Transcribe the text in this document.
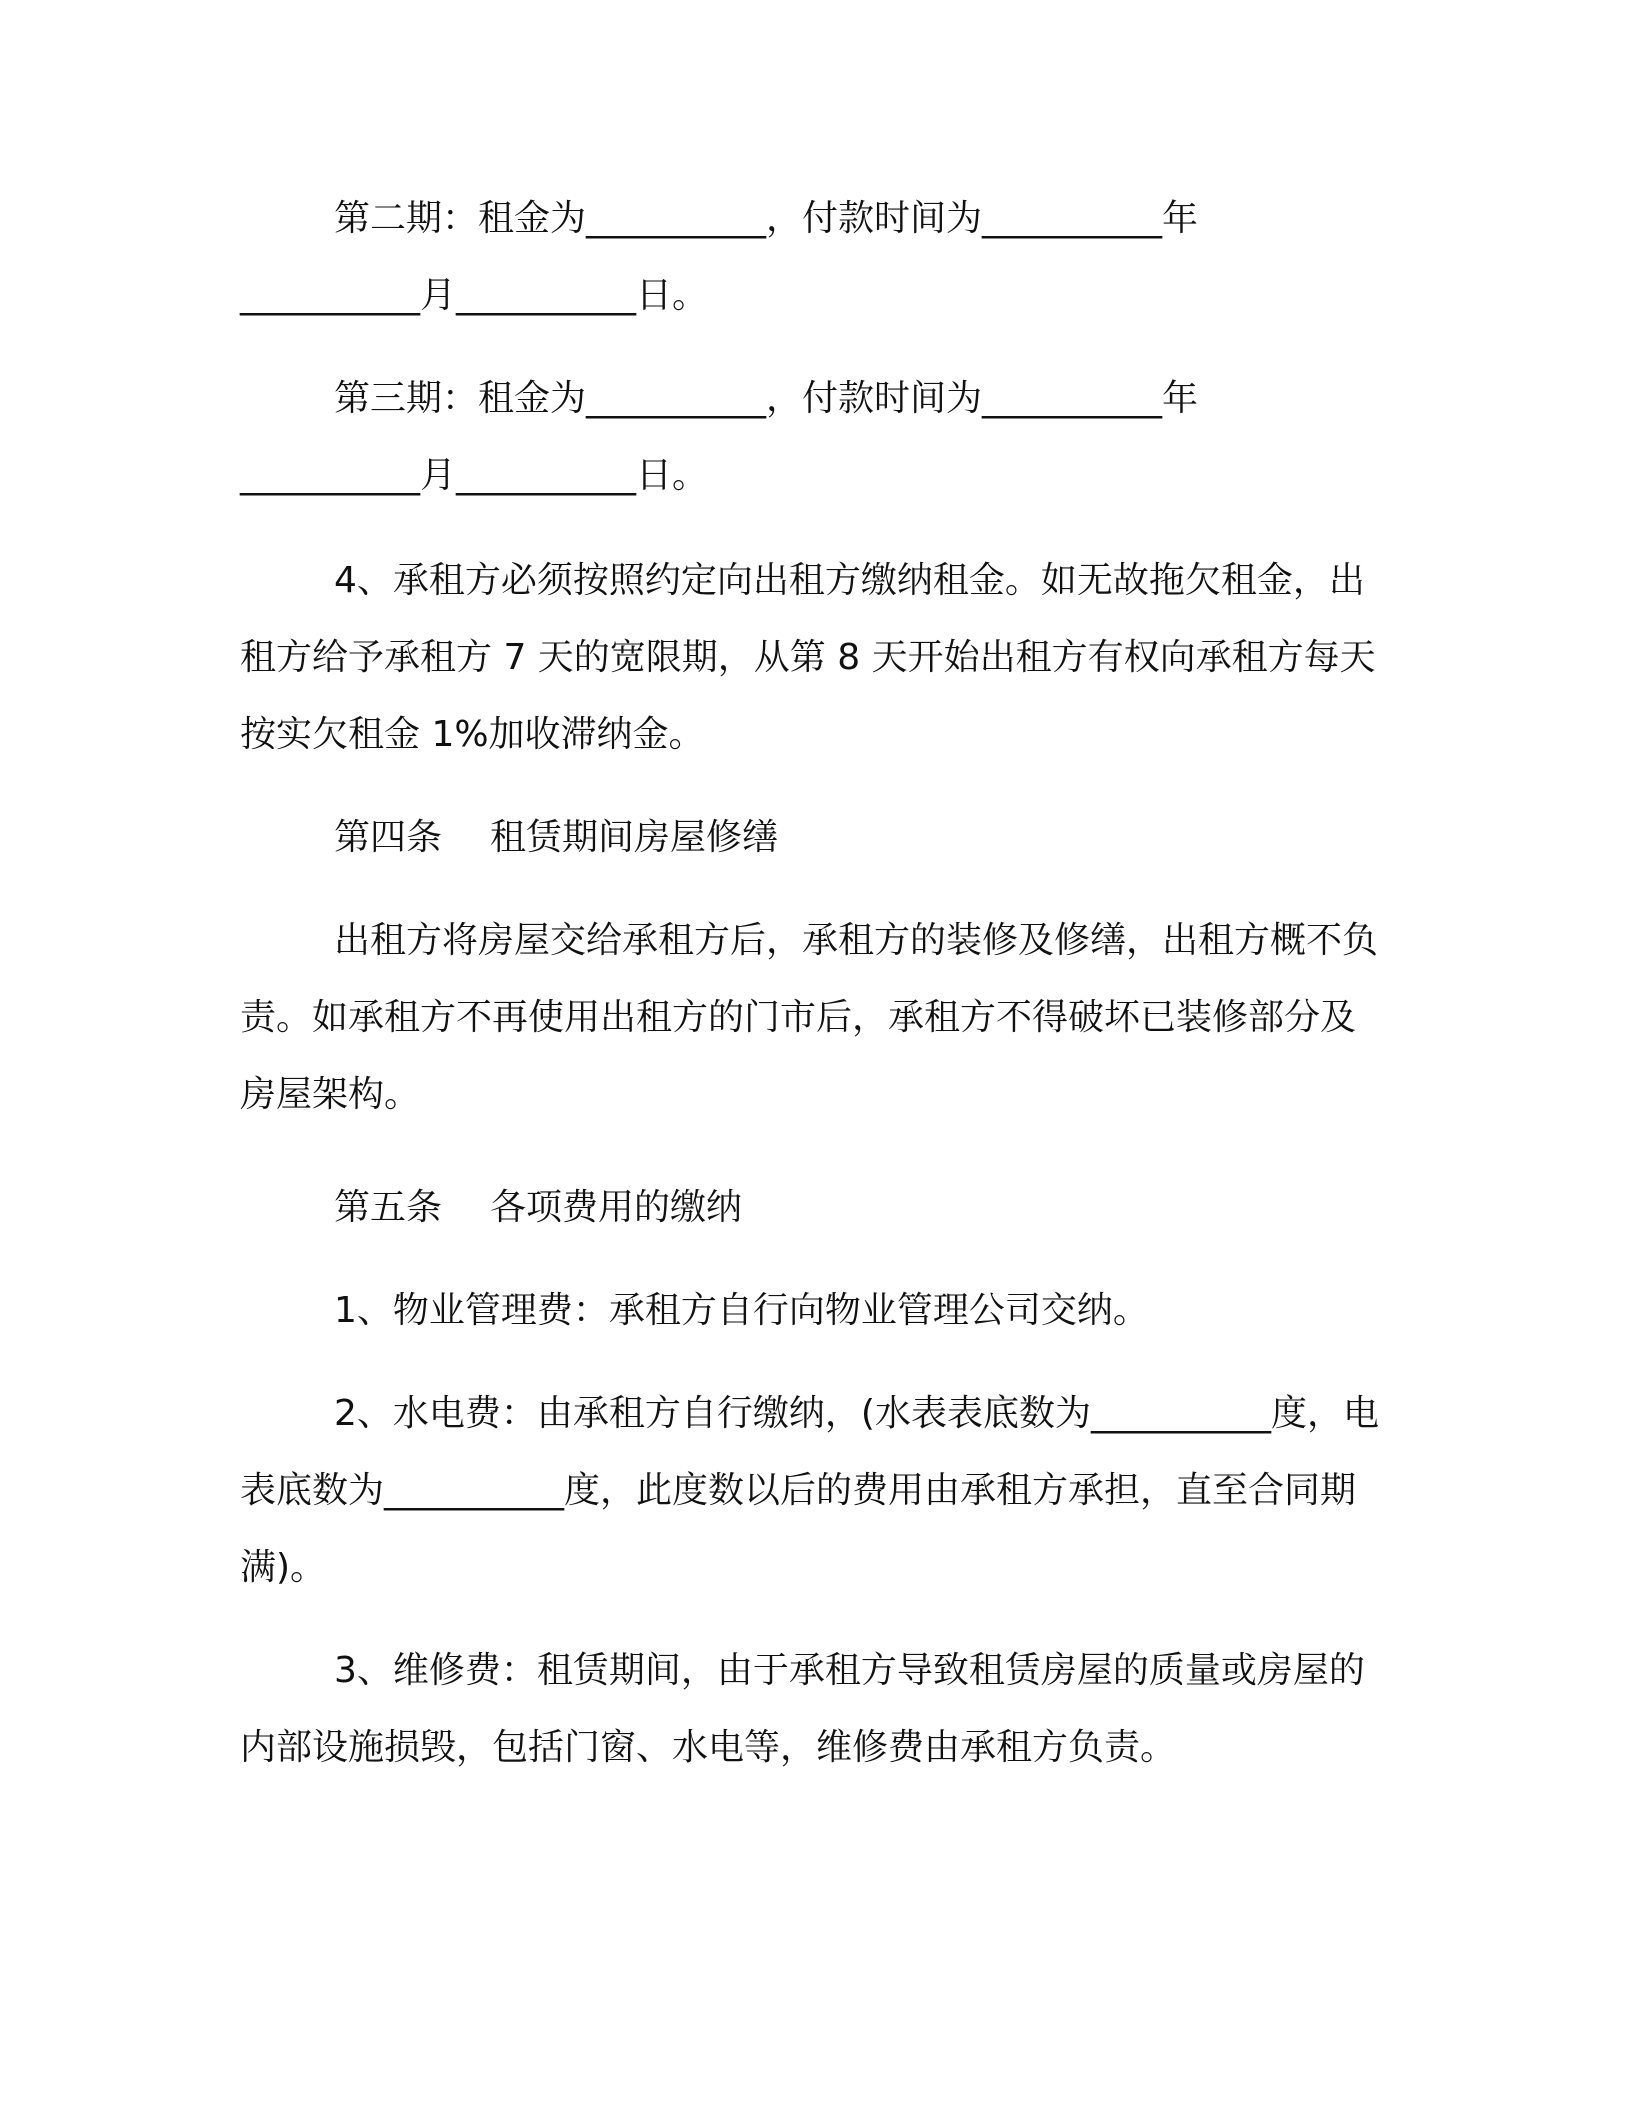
第二期：租金为__________，付款时间为__________年
__________月__________日。
第三期：租金为__________，付款时间为__________年
__________月__________日。

4、承租方必须按照约定向出租方缴纳租金。如无故拖欠租金，出租方给予承租方 7 天的宽限期，从第 8 天开始出租方有权向承租方每天按实欠租金 1%加收滞纳金。

第四条 租赁期间房屋修缮

出租方将房屋交给承租方后，承租方的装修及修缮，出租方概不负责。如承租方不再使用出租方的门市后，承租方不得破坏已装修部分及房屋架构。

第五条 各项费用的缴纳

1、物业管理费：承租方自行向物业管理公司交纳。

2、水电费：由承租方自行缴纳，(水表表底数为__________度，电表底数为__________度，此度数以后的费用由承租方承担，直至合同期满)。

3、维修费：租赁期间，由于承租方导致租赁房屋的质量或房屋的内部设施损毁，包括门窗、水电等，维修费由承租方负责。
